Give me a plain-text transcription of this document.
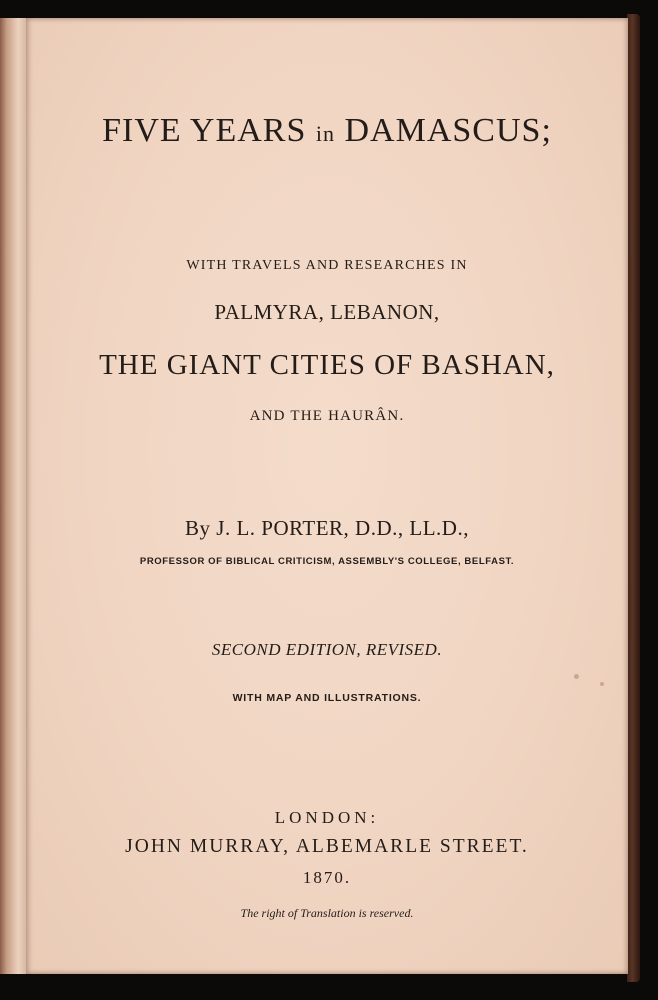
FIVE YEARS in DAMASCUS;
WITH TRAVELS AND RESEARCHES IN
PALMYRA, LEBANON,
THE GIANT CITIES OF BASHAN,
AND THE HAURÂN.
By J. L. PORTER, D.D., LL.D.,
PROFESSOR OF BIBLICAL CRITICISM, ASSEMBLY'S COLLEGE, BELFAST.
SECOND EDITION, REVISED.
WITH MAP AND ILLUSTRATIONS.
LONDON:
JOHN MURRAY, ALBEMARLE STREET.
1870.
The right of Translation is reserved.
